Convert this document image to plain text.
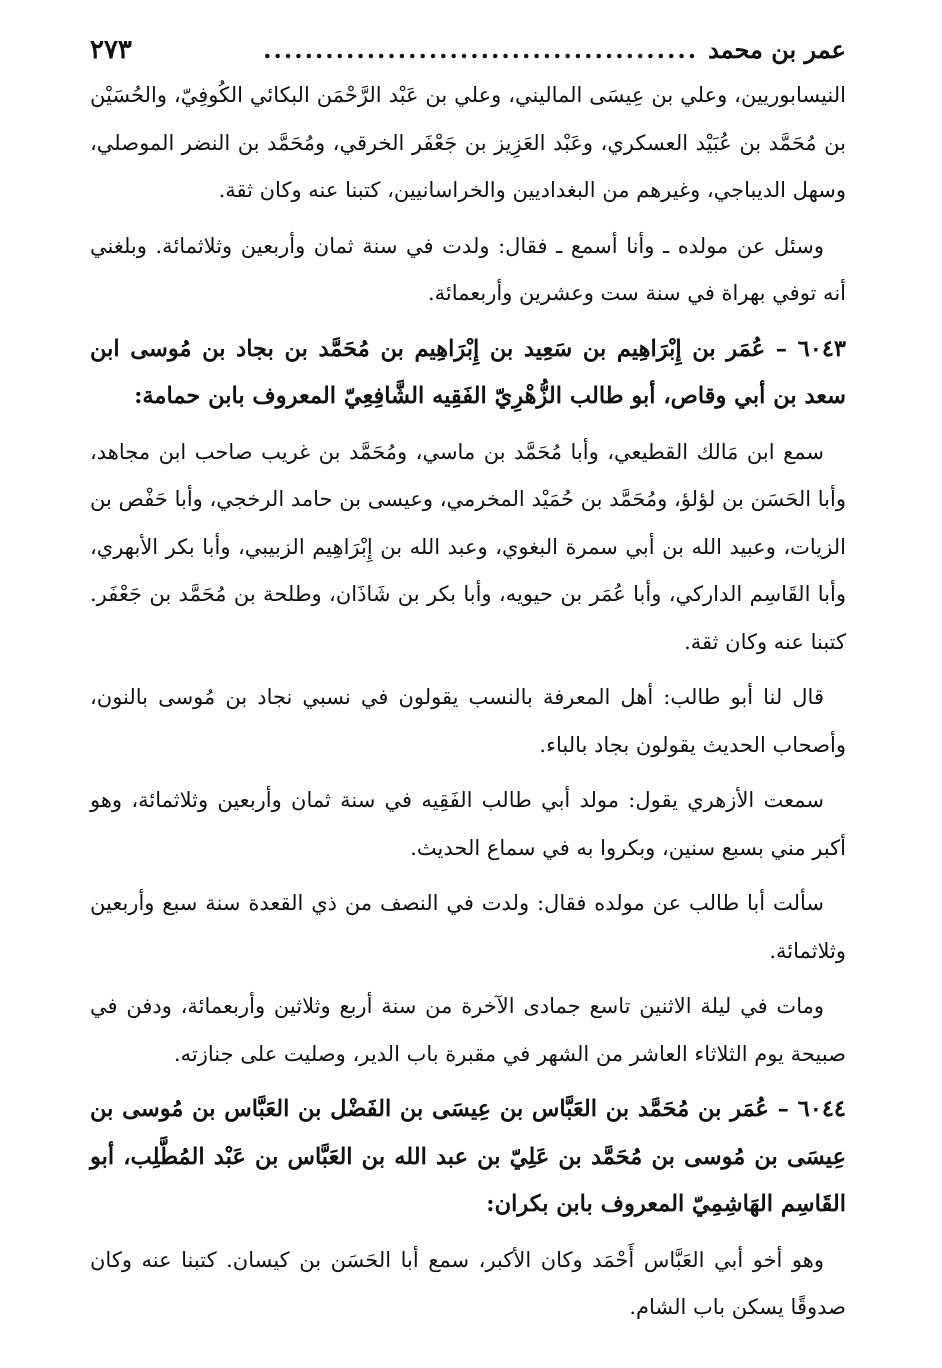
عمر بن محمد
..........................................
٢٧٣

النيسابوريين، وعلي بن عِيسَى الماليني، وعلي بن عَبْد الرَّحْمَن البكائي الكُوفِيّ، والحُسَيْن بن مُحَمَّد بن عُبَيْد العسكري، وعَبْد العَزِيز بن جَعْفَر الخرقي، ومُحَمَّد بن النضر الموصلي، وسهل الديباجي، وغيرهم من البغداديين والخراسانيين، كتبنا عنه وكان ثقة.

وسئل عن مولده ـ وأنا أسمع ـ فقال: ولدت في سنة ثمان وأربعين وثلاثمائة. وبلغني أنه توفي بهراة في سنة ست وعشرين وأربعمائة.

٦٠٤٣ – عُمَر بن إِبْرَاهِيم بن سَعِيد بن إِبْرَاهِيم بن مُحَمَّد بن بجاد بن مُوسى ابن سعد بن أبي وقاص، أبو طالب الزُّهْرِيّ الفَقِيه الشَّافِعِيّ المعروف بابن حمامة:

سمع ابن مَالك القطيعي، وأبا مُحَمَّد بن ماسي، ومُحَمَّد بن غريب صاحب ابن مجاهد، وأبا الحَسَن بن لؤلؤ، ومُحَمَّد بن حُمَيْد المخرمي، وعيسى بن حامد الرخجي، وأبا حَفْص بن الزيات، وعبيد الله بن أبي سمرة البغوي، وعبد الله بن إِبْرَاهِيم الزبيبي، وأبا بكر الأبهري، وأبا القَاسِم الداركي، وأبا عُمَر بن حيويه، وأبا بكر بن شَاذَان، وطلحة بن مُحَمَّد بن جَعْفَر. كتبنا عنه وكان ثقة.

قال لنا أبو طالب: أهل المعرفة بالنسب يقولون في نسبي نجاد بن مُوسى بالنون، وأصحاب الحديث يقولون بجاد بالباء.

سمعت الأزهري يقول: مولد أبي طالب الفَقِيه في سنة ثمان وأربعين وثلاثمائة، وهو أكبر مني بسبع سنين، وبكروا به في سماع الحديث.

سألت أبا طالب عن مولده فقال: ولدت في النصف من ذي القعدة سنة سبع وأربعين وثلاثمائة.

ومات في ليلة الاثنين تاسع جمادى الآخرة من سنة أربع وثلاثين وأربعمائة، ودفن في صبيحة يوم الثلاثاء العاشر من الشهر في مقبرة باب الدير، وصليت على جنازته.

٦٠٤٤ – عُمَر بن مُحَمَّد بن العَبَّاس بن عِيسَى بن الفَضْل بن العَبَّاس بن مُوسى بن عِيسَى بن مُوسى بن مُحَمَّد بن عَلِيّ بن عبد الله بن العَبَّاس بن عَبْد المُطَّلِب، أبو القَاسِم الهَاشِمِيّ المعروف بابن بكران:

وهو أخو أبي العَبَّاس أَحْمَد وكان الأكبر، سمع أبا الحَسَن بن كيسان. كتبنا عنه وكان صدوقًا يسكن باب الشام.
